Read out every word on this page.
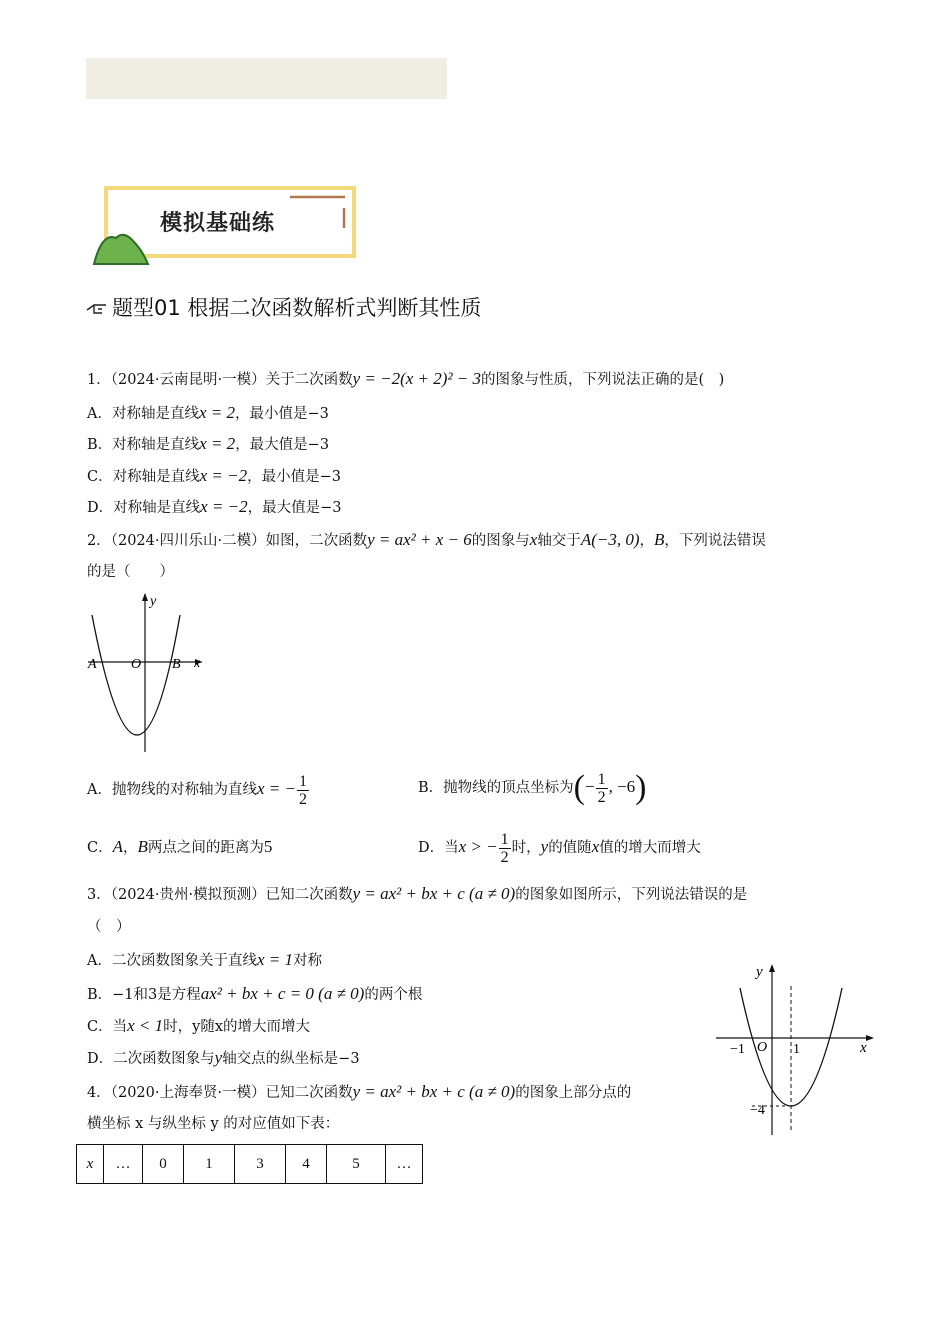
模拟基础练
题型01 根据二次函数解析式判断其性质
1．（2024·云南昆明·一模）关于二次函数y = −2(x + 2)² − 3的图象与性质，下列说法正确的是(　)
A．对称轴是直线x = 2，最小值是−3
B．对称轴是直线x = 2，最大值是−3
C．对称轴是直线x = −2，最小值是−3
D．对称轴是直线x = −2，最大值是−3
2．（2024·四川乐山·二模）如图，二次函数y = ax² + x − 6的图象与x轴交于A(−3, 0)，B，下列说法错误
的是（　　）
y
x
A O B
A．抛物线的对称轴为直线x = − $\frac{1}{2}$	B．抛物线的顶点坐标为(− $\frac{1}{2}$ , −6)
C．A，B两点之间的距离为5	D．当x > − $\frac{1}{2}$ 时，y的值随x值的增大而增大
3．（2024·贵州·模拟预测）已知二次函数y = ax² + bx + c (a ≠ 0)的图象如图所示，下列说法错误的是
（　）
A．二次函数图象关于直线x = 1对称
B．−1和3是方程ax² + bx + c = 0 (a ≠ 0)的两个根
C．当x < 1时，y随x的增大而增大
D．二次函数图象与y轴交点的纵坐标是−3
y
x
−1 O 1
−4
4．（2020·上海奉贤·一模）已知二次函数y = ax² + bx + c (a ≠ 0)的图象上部分点的
横坐标 x 与纵坐标 y 的对应值如下表：
x	…	0	1	3	4	5	…
